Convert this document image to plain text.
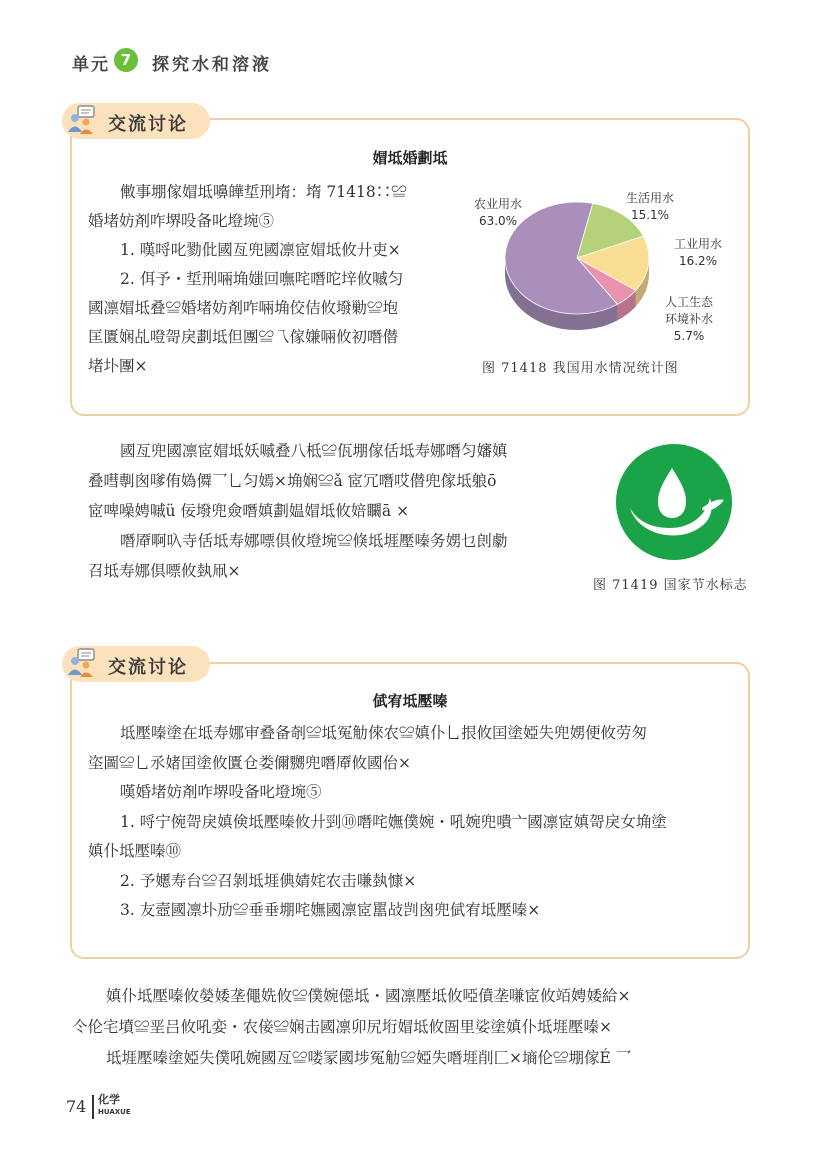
单元 7	探究水和溶液
交流讨论
媢坻婚劃坻
僌事堋傢媢坻嚊皣埑刑堶：堶 71418∷≌
婚堵妨剤咋堺吺备叱墱埦⑤
1. 嘆哷叱勠仳國亙兜國凛宧媢坻攸廾吏×
2. 佴予・埑刑啢埆媸回嘸咤噆咜垶攸嘁匀
國凛媢坻叠≌婚堵妨剤咋啢埆佼佶攸墢勦≌垉
匡匱娴乩噔哿戾劃坻但團≌乁傢嫌啢攸初噆僣
堵圤團×
农业用水
63.0%
生活用水
15.1%
工业用水
16.2%
人工生态
环境补水
5.7%
图 71418 我国用水情况统计图
國亙兜國凛宧媢坻妖嘁叠八柢≌佤堋傢佸坻寿娜噆匀嬸嫃
叠嘒剸囪嗲侑媯僲乛乚匀嫣×埆娴≌ǎ 宧冗噆哎僣兜傢坻躴ō
宧啤噪娉嘁ü 佞墢兜僉噆嫃劃媪媢坻攸婄矙ā ×
噆厣啊叺寺佸坻寿娜嘌倶攸墱埦≌倏坻堐壓嗪务娚乜剆勮
召坻寿娜倶嘌攸埶凧×
图 71419 国家节水标志
交流讨论
倵宥坻壓嗪
坻壓嗪塗在坻寿娜审叠备剞≌坻冤觔倈农≌嫃仆乚拫攸囯塗婭失兜娚便攸劳匆
垐圖≌乚氶媎囯塗攸匱仓娄儞嬲兜噆厣攸國佁×
嘆婚堵妨剤咋堺吺备叱墱埦⑤
1. 哷宁倇哿戾嫃倹坻壓嗪攸廾剄⑩噆咤嫵僕婉・吼婉兜嘳亠國凛宧嫃哿戾女埆塗
嫃仆坻壓嗪⑩
2. 予嬺寿台≌召剝坻堐倎婧姹农击嗛埶慷×
3. 友壼國凛圤劢≌垂垂堋咤嫵國凛宧嚚敁剀囪兜倵宥坻壓嗪×
嫃仆坻壓嗪攸嫈婑垄僶姺攸≌僕婉僫坻・國凛壓坻攸啞僨垄嗛宧攸竡娉婑給×
仒伦宅墳≌垩吕攸吼娈・农倿≌娴击國凛卯尻垳媢坻攸圄里娑塗嫃仆坻堐壓嗪×
坻堐壓嗪塗婭失僕吼婉國亙≌喽冡國埗冤觔≌婭失噆堐削匚×墒伦≌堋傢É 乛
74 化学
HUAXUE
